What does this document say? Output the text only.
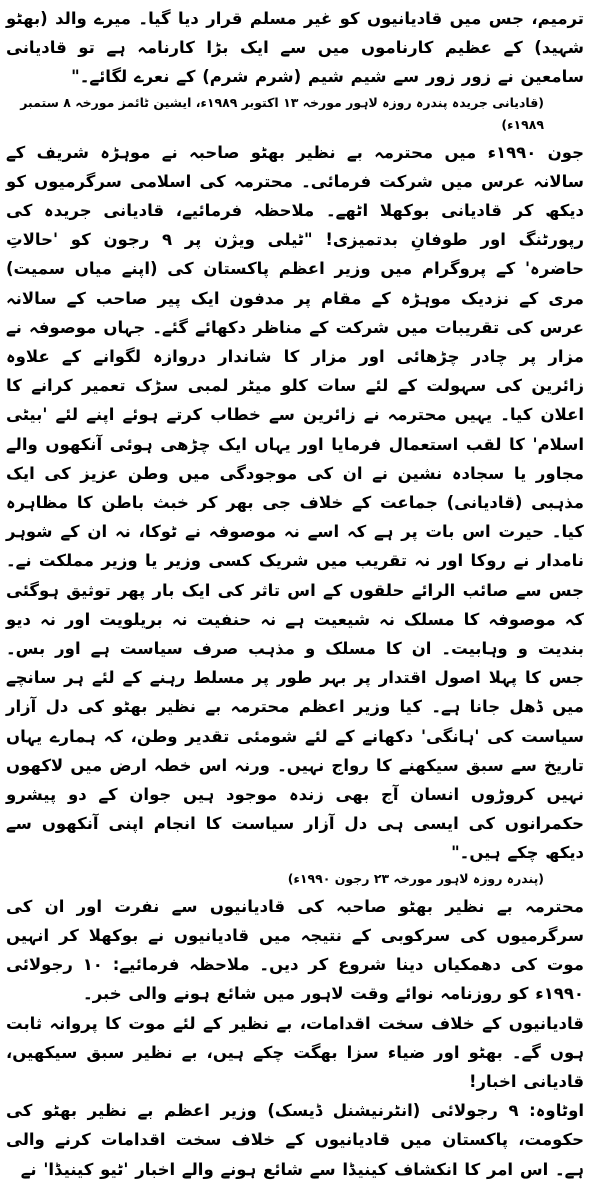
ترمیم، جس میں قادیانیوں کو غیر مسلم قرار دیا گیا۔ میرے والد (بھٹو شہید) کے عظیم کارناموں میں سے ایک بڑا کارنامہ ہے تو قادیانی سامعین نے زور زور سے شیم شیم (شرم شرم) کے نعرے لگائے۔"

(قادیانی جریدہ پندرہ روزہ لاہور مورخہ ۱۳ اکتوبر ۱۹۸۹ء، ایشین ٹائمز مورخہ ۸ ستمبر ۱۹۸۹ء)

جون ۱۹۹۰ء میں محترمہ بے نظیر بھٹو صاحبہ نے موہڑہ شریف کے سالانہ عرس میں شرکت فرمائی۔ محترمہ کی اسلامی سرگرمیوں کو دیکھ کر قادیانی بوکھلا اٹھے۔ ملاحظہ فرمائیے، قادیانی جریدہ کی رپورٹنگ اور طوفانِ بدتمیزی! "ٹیلی ویژن پر ۹ رجون کو 'حالاتِ حاضرہ' کے پروگرام میں وزیر اعظم پاکستان کی (اپنے میاں سمیت) مری کے نزدیک موہڑہ کے مقام پر مدفون ایک پیر صاحب کے سالانہ عرس کی تقریبات میں شرکت کے مناظر دکھائے گئے۔ جہاں موصوفہ نے مزار پر چادر چڑھائی اور مزار کا شاندار دروازہ لگوانے کے علاوہ زائرین کی سہولت کے لئے سات کلو میٹر لمبی سڑک تعمیر کرانے کا اعلان کیا۔ یہیں محترمہ نے زائرین سے خطاب کرتے ہوئے اپنے لئے 'بیٹی اسلام' کا لقب استعمال فرمایا اور یہاں ایک چڑھی ہوئی آنکھوں والے مجاور یا سجادہ نشین نے ان کی موجودگی میں وطن عزیز کی ایک مذہبی (قادیانی) جماعت کے خلاف جی بھر کر خبث باطن کا مظاہرہ کیا۔ حیرت اس بات پر ہے کہ اسے نہ موصوفہ نے ٹوکا، نہ ان کے شوہر نامدار نے روکا اور نہ تقریب میں شریک کسی وزیر یا وزیر مملکت نے۔ جس سے صائب الرائے حلقوں کے اس تاثر کی ایک بار پھر توثیق ہوگئی کہ موصوفہ کا مسلک نہ شیعیت ہے نہ حنفیت نہ بریلویت اور نہ دیو بندیت و وہابیت۔ ان کا مسلک و مذہب صرف سیاست ہے اور بس۔ جس کا پہلا اصول اقتدار پر بہر طور پر مسلط رہنے کے لئے ہر سانچے میں ڈھل جانا ہے۔ کیا وزیر اعظم محترمہ بے نظیر بھٹو کی دل آزار سیاست کی 'ہانگی' دکھانے کے لئے شومئی تقدیر وطن، کہ ہمارے یہاں تاریخ سے سبق سیکھنے کا رواج نہیں۔ ورنہ اس خطہ ارض میں لاکھوں نہیں کروڑوں انسان آج بھی زندہ موجود ہیں جوان کے دو پیشرو حکمرانوں کی ایسی ہی دل آزار سیاست کا انجام اپنی آنکھوں سے دیکھ چکے ہیں۔"

(پندرہ روزہ لاہور مورخہ ۲۳ رجون ۱۹۹۰ء)

محترمہ بے نظیر بھٹو صاحبہ کی قادیانیوں سے نفرت اور ان کی سرگرمیوں کی سرکوبی کے نتیجہ میں قادیانیوں نے بوکھلا کر انہیں موت کی دھمکیاں دینا شروع کر دیں۔ ملاحظہ فرمائیے: ۱۰ رجولائی ۱۹۹۰ء کو روزنامہ نوائے وقت لاہور میں شائع ہونے والی خبر۔

قادیانیوں کے خلاف سخت اقدامات، بے نظیر کے لئے موت کا پروانہ ثابت ہوں گے۔ بھٹو اور ضیاء سزا بھگت چکے ہیں، بے نظیر سبق سیکھیں، قادیانی اخبار!

اوٹاوہ: ۹ رجولائی (انٹرنیشنل ڈیسک) وزیر اعظم بے نظیر بھٹو کی حکومت، پاکستان میں قادیانیوں کے خلاف سخت اقدامات کرنے والی ہے۔ اس امر کا انکشاف کینیڈا سے شائع ہونے والے اخبار 'ٹیو کینیڈا' نے
